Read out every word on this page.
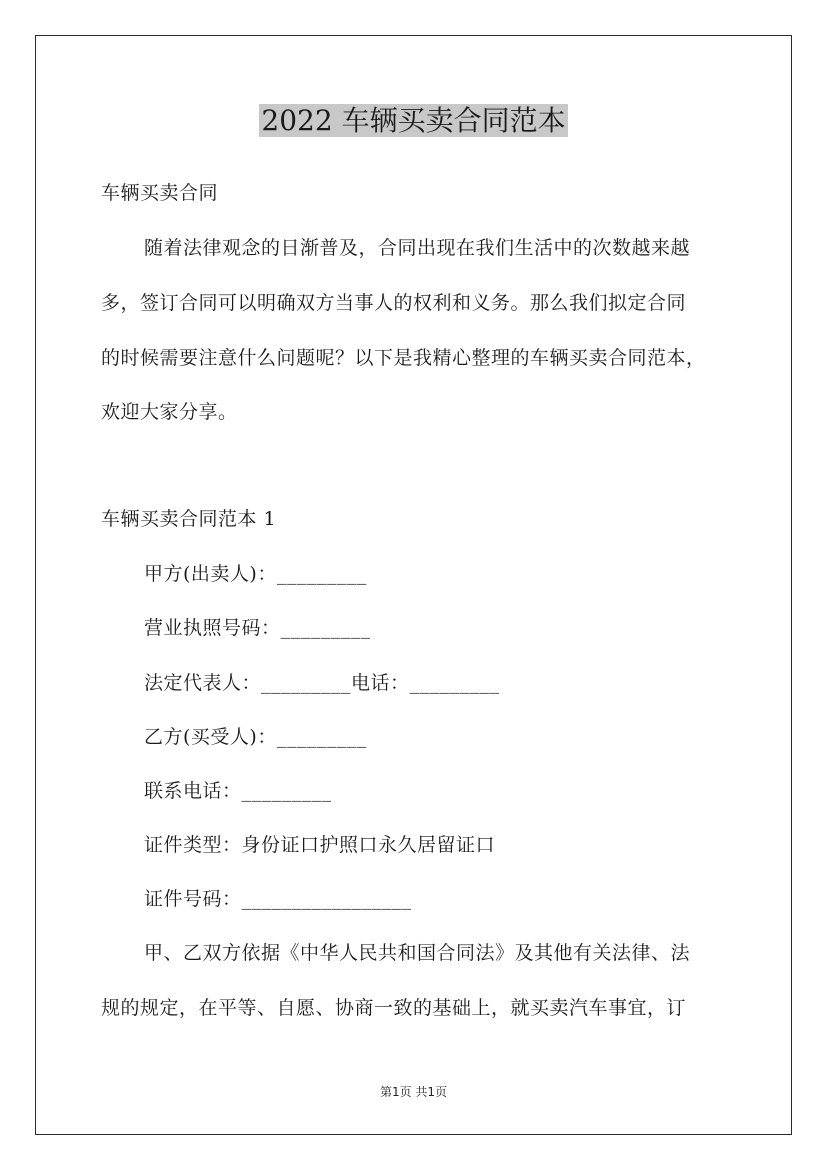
2022 车辆买卖合同范本
车辆买卖合同
随着法律观念的日渐普及，合同出现在我们生活中的次数越来越
多，签订合同可以明确双方当事人的权利和义务。那么我们拟定合同
的时候需要注意什么问题呢？以下是我精心整理的车辆买卖合同范本，
欢迎大家分享。
车辆买卖合同范本 1
甲方(出卖人)：_________
营业执照号码：_________
法定代表人：_________电话：_________
乙方(买受人)：_________
联系电话：_________
证件类型：身份证口护照口永久居留证口
证件号码：_________________
甲、乙双方依据《中华人民共和国合同法》及其他有关法律、法
规的规定，在平等、自愿、协商一致的基础上，就买卖汽车事宜，订
第1页 共1页
